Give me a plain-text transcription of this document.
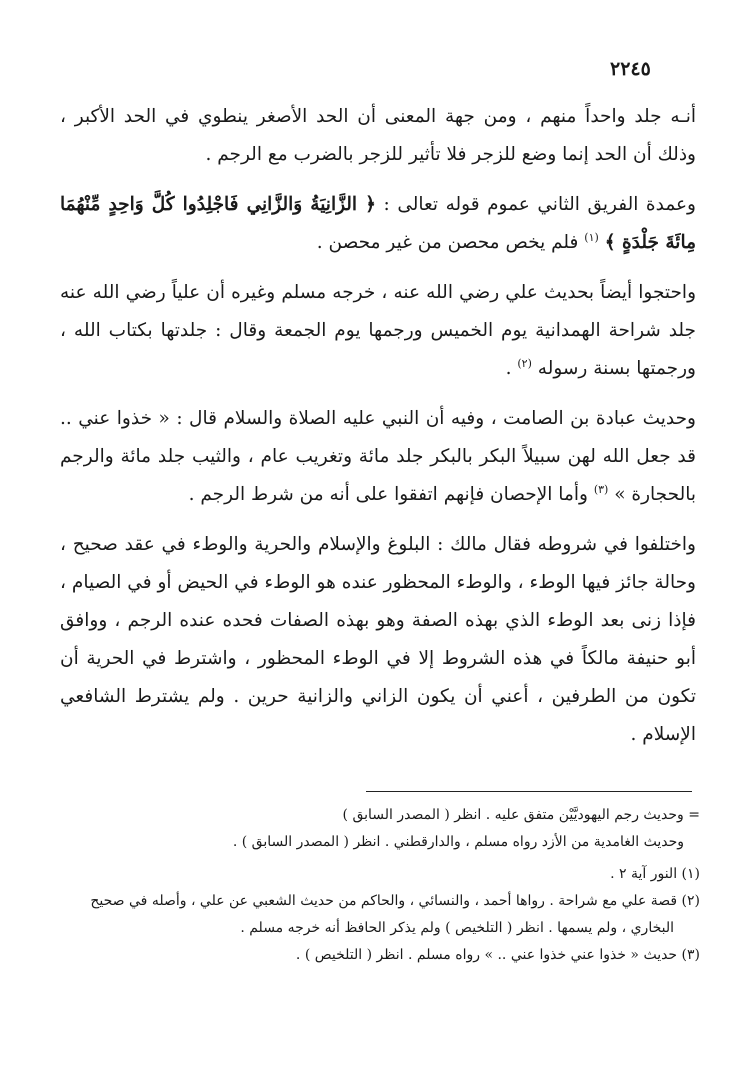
٢٢٤٥

أنـه جلد واحداً منهم ، ومن جهة المعنى أن الحد الأصغر ينطوي في الحد الأكبر ، وذلك أن الحد إنما وضع للزجر فلا تأثير للزجر بالضرب مع الرجم .

وعمدة الفريق الثاني عموم قوله تعالى : ﴿ الزَّانِيَةُ وَالزَّانِي فَاجْلِدُوا كُلَّ وَاحِدٍ مِّنْهُمَا مِائَةَ جَلْدَةٍ ﴾ $^{(١)}$ فلم يخص محصن من غير محصن .

واحتجوا أيضاً بحديث علي رضي الله عنه ، خرجه مسلم وغيره أن علياً رضي الله عنه جلد شراحة الهمدانية يوم الخميس ورجمها يوم الجمعة وقال : جلدتها بكتاب الله ، ورجمتها بسنة رسوله $^{(٢)}$ .

وحديث عبادة بن الصامت ، وفيه أن النبي عليه الصلاة والسلام قال : « خذوا عني .. قد جعل الله لهن سبيلاً البكر بالبكر جلد مائة وتغريب عام ، والثيب جلد مائة والرجم بالحجارة » $^{(٣)}$ وأما الإحصان فإنهم اتفقوا على أنه من شرط الرجم .

واختلفوا في شروطه فقال مالك : البلوغ والإسلام والحرية والوطء في عقد صحيح ، وحالة جائز فيها الوطء ، والوطء المحظور عنده هو الوطء في الحيض أو في الصيام ، فإذا زنى بعد الوطء الذي بهذه الصفة وهو بهذه الصفات فحده عنده الرجم ، ووافق أبو حنيفة مالكاً في هذه الشروط إلا في الوطء المحظور ، واشترط في الحرية أن تكون من الطرفين ، أعني أن يكون الزاني والزانية حرين . ولم يشترط الشافعي الإسلام .

= وحديث رجم اليهوديَّيْن متفق عليه . انظر ( المصدر السابق )

وحديث الغامدية من الأزد رواه مسلم ، والدارقطني . انظر ( المصدر السابق ) .

(١) النور آية ٢ .

(٢) قصة علي مع شراحة . رواها أحمد ، والنسائي ، والحاكم من حديث الشعبي عن علي ، وأصله في صحيح البخاري ، ولم يسمها . انظر ( التلخيص ) ولم يذكر الحافظ أنه خرجه مسلم .

(٣) حديث « خذوا عني خذوا عني .. » رواه مسلم . انظر ( التلخيص ) .
